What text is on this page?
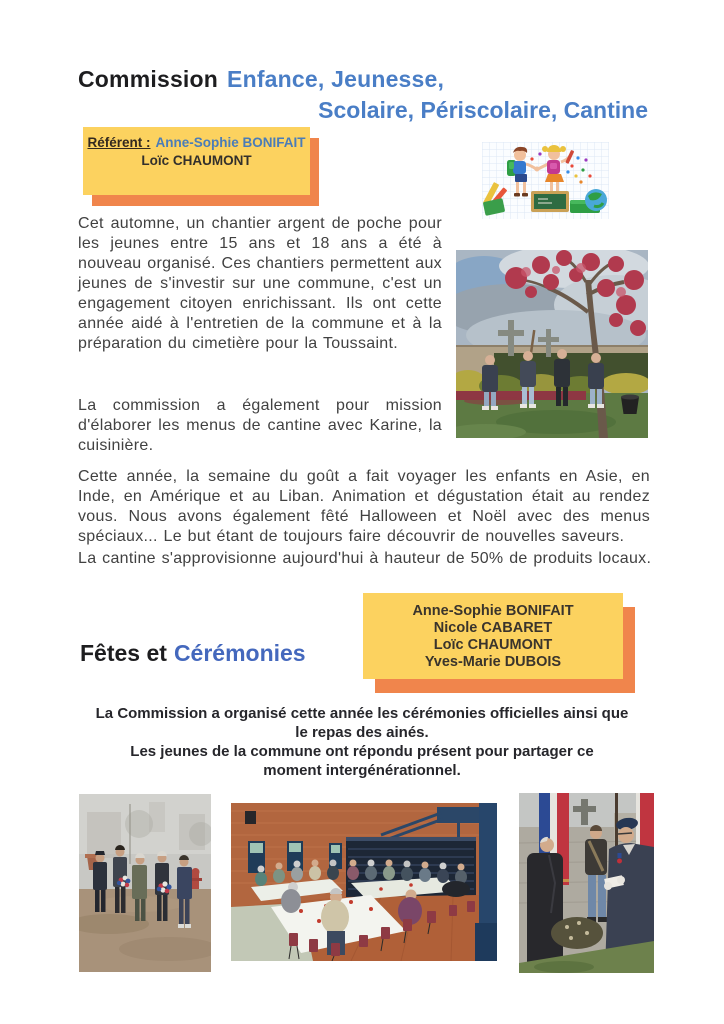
Commission Enfance, Jeunesse,
Scolaire, Périscolaire, Cantine
Référent : Anne-Sophie BONIFAIT
Loïc CHAUMONT

Cet automne, un chantier argent de poche pour les jeunes entre 15 ans et 18 ans a été à nouveau organisé. Ces chantiers permettent aux jeunes de s'investir sur une commune, c'est un engagement citoyen enrichissant. Ils ont cette année aidé à l'entretien de la commune et à la préparation du cimetière pour la Toussaint.

La commission a également pour mission d'élaborer les menus de cantine avec Karine, la cuisinière.

Cette année, la semaine du goût a fait voyager les enfants en Asie, en Inde, en Amérique et au Liban. Animation et dégustation était au rendez vous. Nous avons également fêté Halloween et Noël avec des menus spéciaux... Le but étant de toujours faire découvrir de nouvelles saveurs.

La cantine s'approvisionne aujourd'hui à hauteur de 50% de produits locaux.

Fêtes et Cérémonies
Anne-Sophie BONIFAIT
Nicole CABARET
Loïc CHAUMONT
Yves-Marie DUBOIS
La Commission a organisé cette année les cérémonies officielles ainsi que
le repas des ainés.
Les jeunes de la commune ont répondu présent pour partager ce
moment intergénérationnel.
